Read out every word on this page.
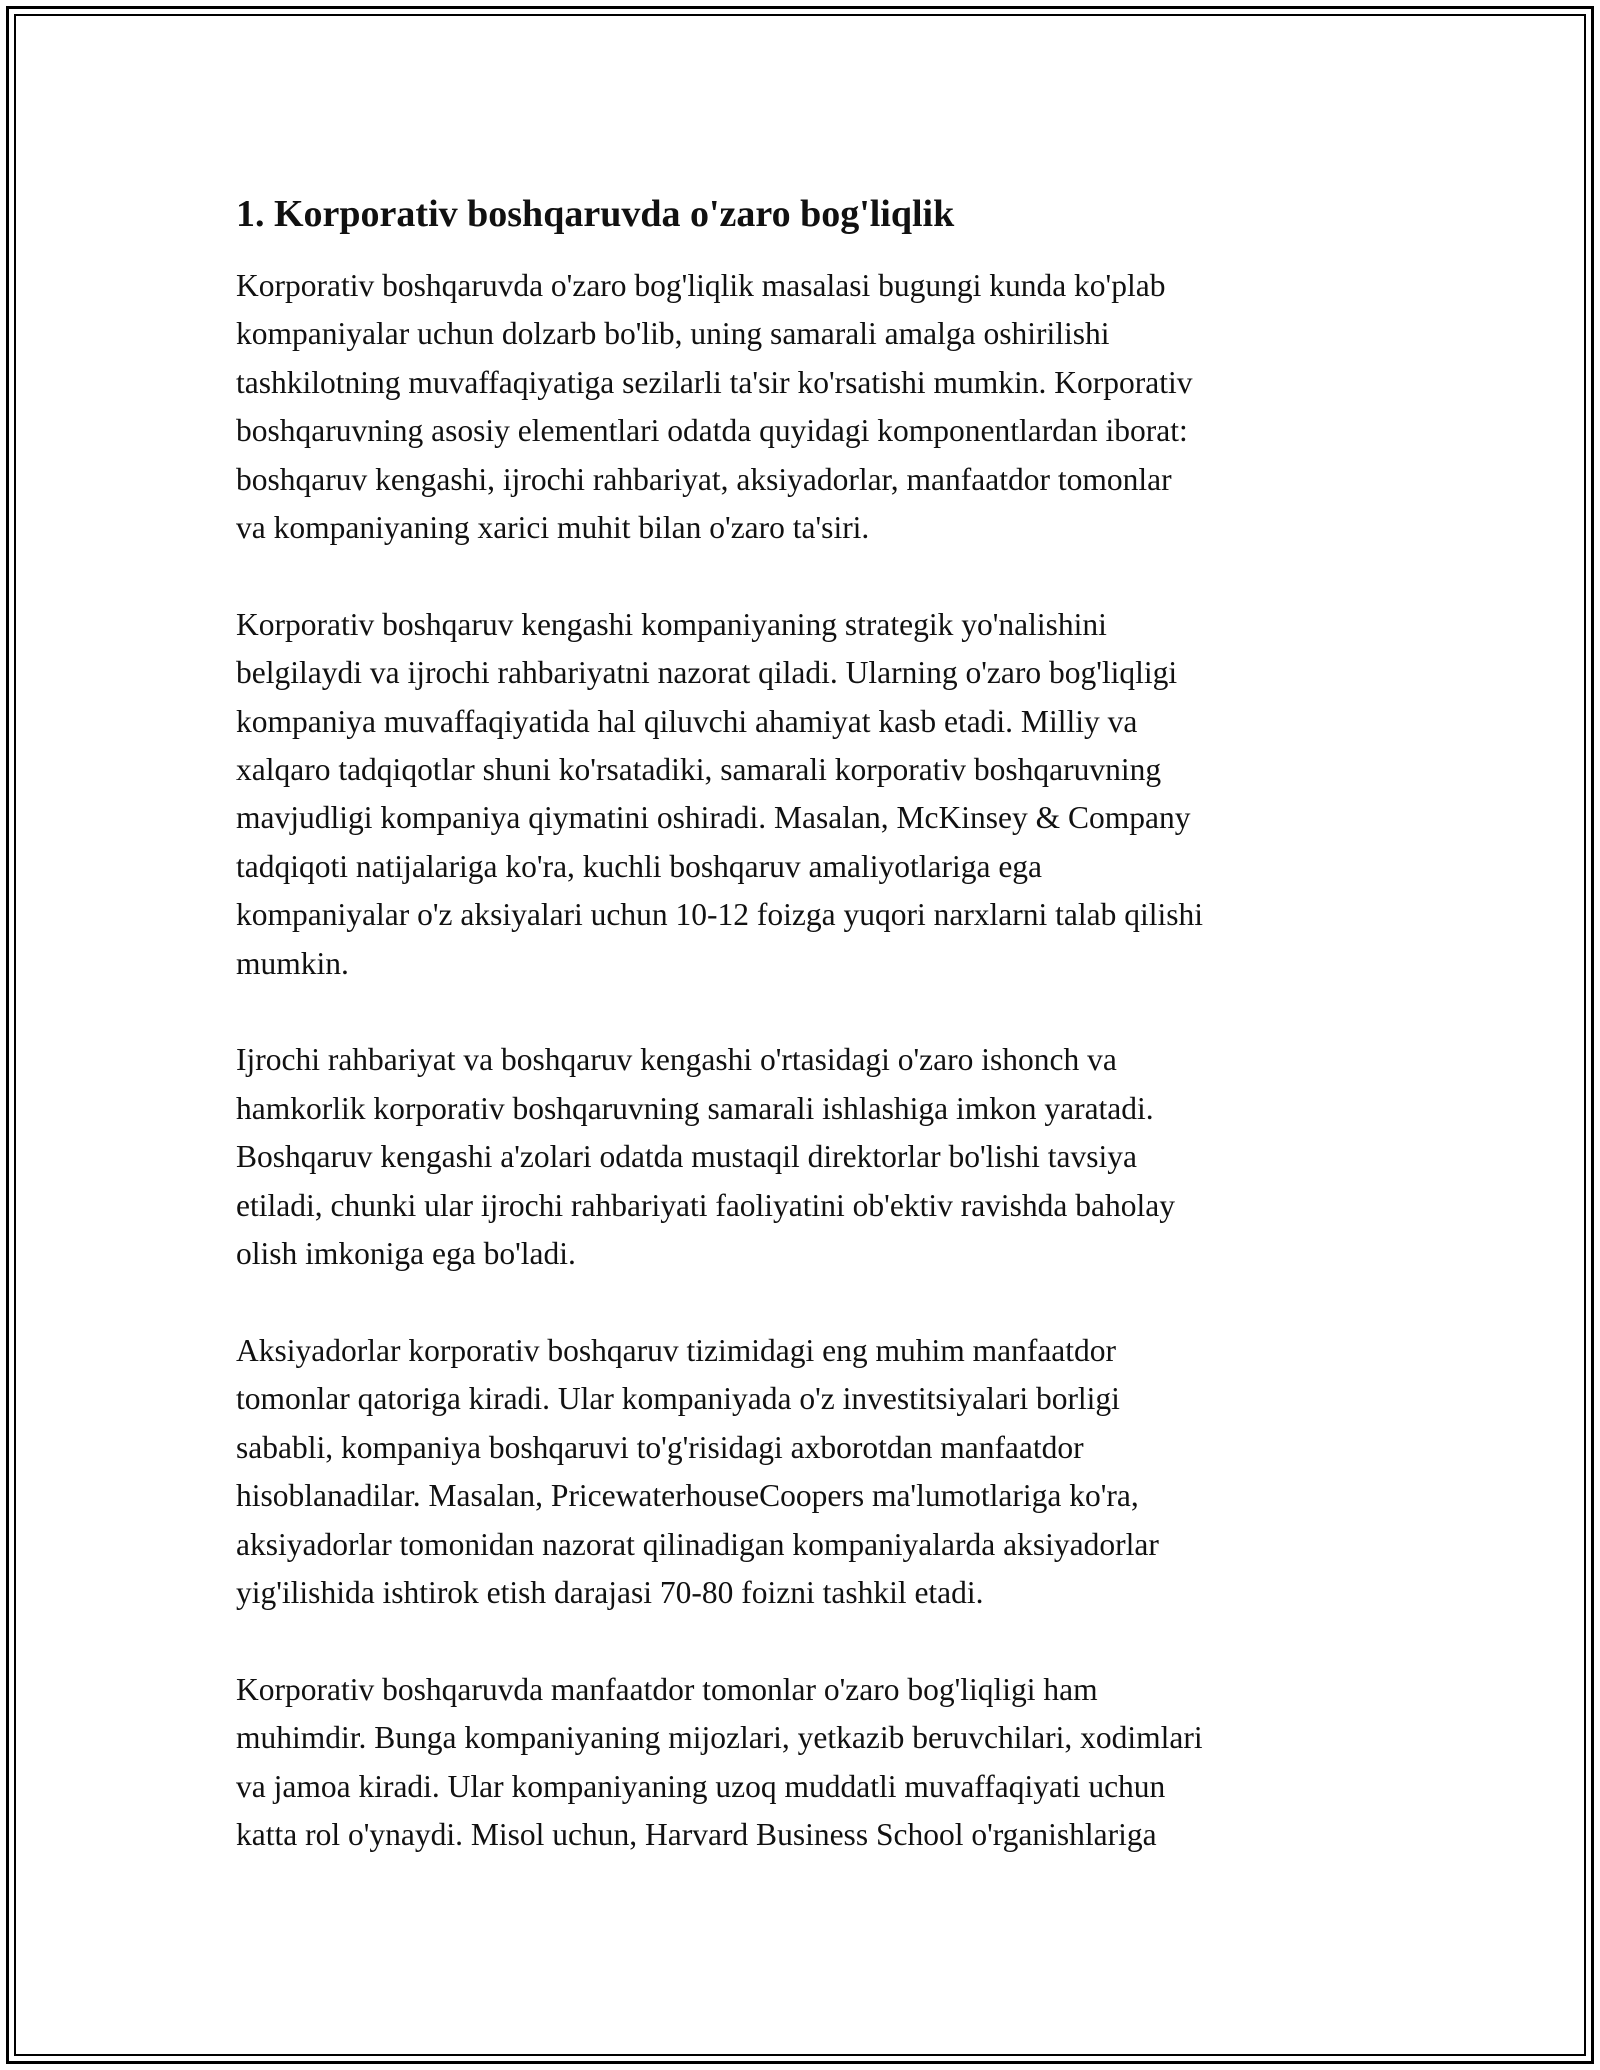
1. Korporativ boshqaruvda o'zaro bog'liqlik

Korporativ boshqaruvda o'zaro bog'liqlik masalasi bugungi kunda ko'plab
kompaniyalar uchun dolzarb bo'lib, uning samarali amalga oshirilishi
tashkilotning muvaffaqiyatiga sezilarli ta'sir ko'rsatishi mumkin. Korporativ
boshqaruvning asosiy elementlari odatda quyidagi komponentlardan iborat:
boshqaruv kengashi, ijrochi rahbariyat, aksiyadorlar, manfaatdor tomonlar
va kompaniyaning xarici muhit bilan o'zaro ta'siri.

Korporativ boshqaruv kengashi kompaniyaning strategik yo'nalishini
belgilaydi va ijrochi rahbariyatni nazorat qiladi. Ularning o'zaro bog'liqligi
kompaniya muvaffaqiyatida hal qiluvchi ahamiyat kasb etadi. Milliy va
xalqaro tadqiqotlar shuni ko'rsatadiki, samarali korporativ boshqaruvning
mavjudligi kompaniya qiymatini oshiradi. Masalan, McKinsey & Company
tadqiqoti natijalariga ko'ra, kuchli boshqaruv amaliyotlariga ega
kompaniyalar o'z aksiyalari uchun 10-12 foizga yuqori narxlarni talab qilishi
mumkin.

Ijrochi rahbariyat va boshqaruv kengashi o'rtasidagi o'zaro ishonch va
hamkorlik korporativ boshqaruvning samarali ishlashiga imkon yaratadi.
Boshqaruv kengashi a'zolari odatda mustaqil direktorlar bo'lishi tavsiya
etiladi, chunki ular ijrochi rahbariyati faoliyatini ob'ektiv ravishda baholay
olish imkoniga ega bo'ladi.

Aksiyadorlar korporativ boshqaruv tizimidagi eng muhim manfaatdor
tomonlar qatoriga kiradi. Ular kompaniyada o'z investitsiyalari borligi
sababli, kompaniya boshqaruvi to'g'risidagi axborotdan manfaatdor
hisoblanadilar. Masalan, PricewaterhouseCoopers ma'lumotlariga ko'ra,
aksiyadorlar tomonidan nazorat qilinadigan kompaniyalarda aksiyadorlar
yig'ilishida ishtirok etish darajasi 70-80 foizni tashkil etadi.

Korporativ boshqaruvda manfaatdor tomonlar o'zaro bog'liqligi ham
muhimdir. Bunga kompaniyaning mijozlari, yetkazib beruvchilari, xodimlari
va jamoa kiradi. Ular kompaniyaning uzoq muddatli muvaffaqiyati uchun
katta rol o'ynaydi. Misol uchun, Harvard Business School o'rganishlariga
